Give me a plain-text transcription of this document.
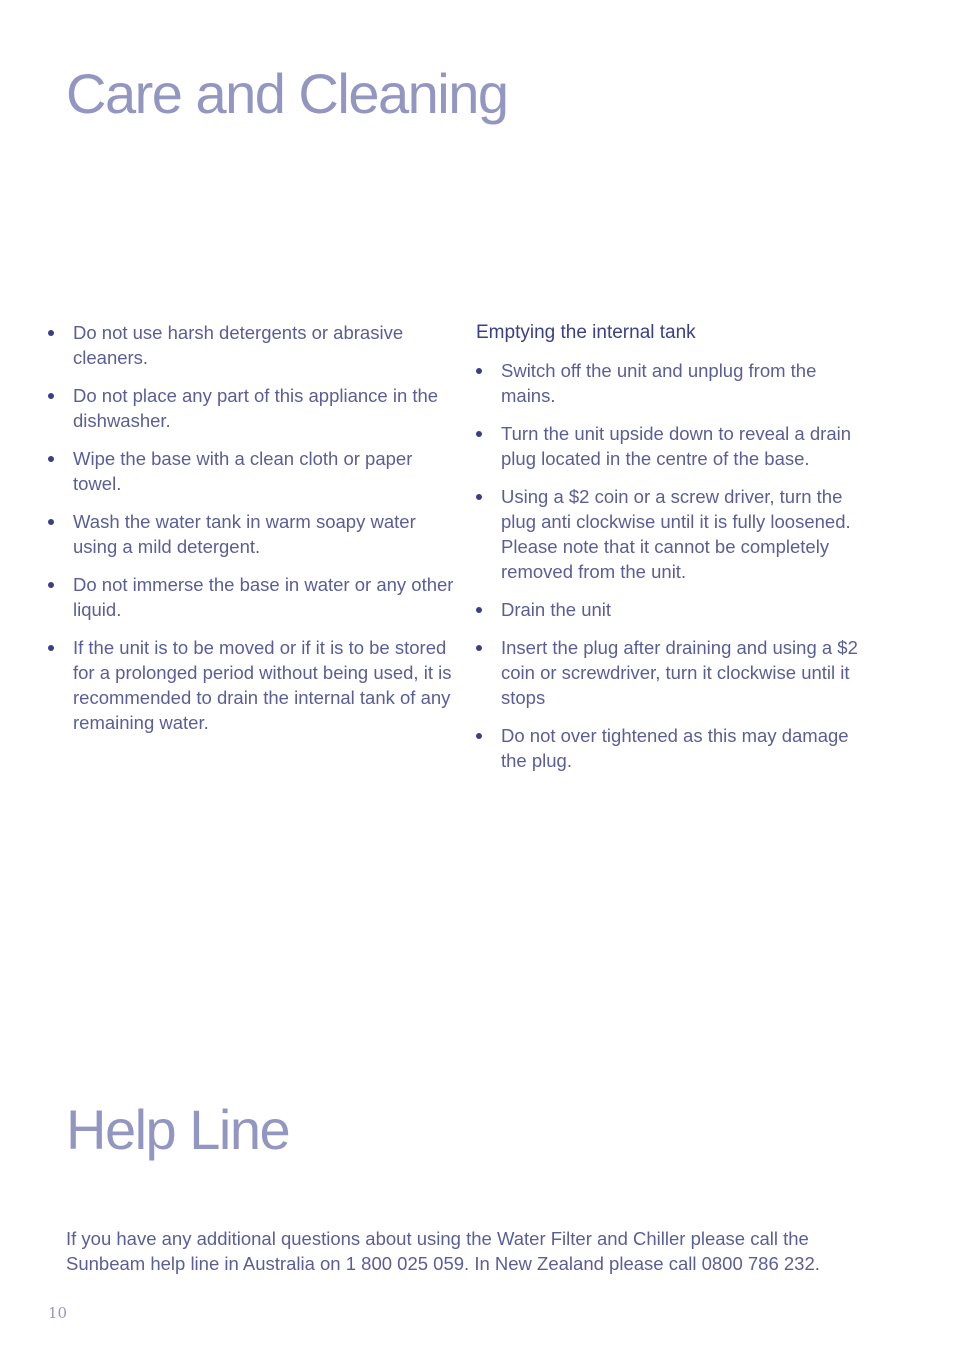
Care and Cleaning
Do not use harsh detergents or abrasive cleaners.
Do not place any part of this appliance in the dishwasher.
Wipe the base with a clean cloth or paper towel.
Wash the water tank in warm soapy water using a mild detergent.
Do not immerse the base in water or any other liquid.
If the unit is to be moved or if it is to be stored for a prolonged period without being used, it is recommended to drain the internal tank of any remaining water.
Emptying the internal tank
Switch off the unit and unplug from the mains.
Turn the unit upside down to reveal a drain plug located in the centre of the base.
Using a $2 coin or a screw driver, turn the plug anti clockwise until it is fully loosened. Please note that it cannot be completely removed from the unit.
Drain the unit
Insert the plug after draining and using a $2 coin or screwdriver, turn it clockwise until it stops
Do not over tightened as this may damage the plug.
Help Line

If you have any additional questions about using the Water Filter and Chiller please call the Sunbeam help line in Australia on 1 800 025 059. In New Zealand please call 0800 786 232.

10
